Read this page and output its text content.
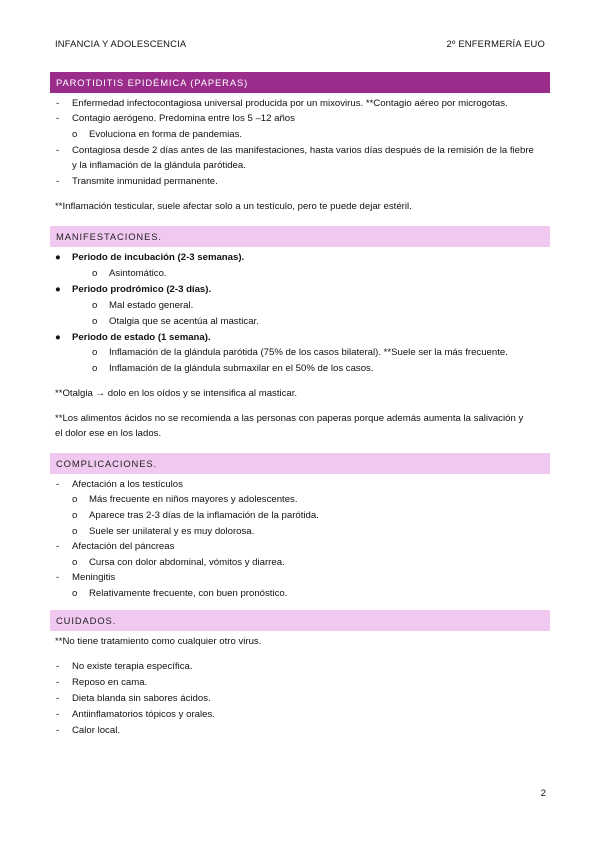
INFANCIA Y ADOLESCENCIA	2º ENFERMERÍA EUO
PAROTIDITIS EPIDÉMICA (PAPERAS)
- Enfermedad infectocontagiosa universal producida por un mixovirus. **Contagio aéreo por microgotas.
- Contagio aerógeno. Predomina entre los 5 –12 años
o Evoluciona en forma de pandemias.
- Contagiosa desde 2 días antes de las manifestaciones, hasta varios días después de la remisión de la fiebre
y la inflamación de la glándula parótidea.
- Transmite inmunidad permanente.
**Inflamación testicular, suele afectar solo a un testículo, pero te puede dejar estéril.
MANIFESTACIONES.
● Periodo de incubación (2-3 semanas).
o Asintomático.
● Periodo prodrómico (2-3 días).
o Mal estado general.
o Otalgia que se acentúa al masticar.
● Periodo de estado (1 semana).
o Inflamación de la glándula parótida (75% de los casos bilateral). **Suele ser la más frecuente.
o Inflamación de la glándula submaxilar en el 50% de los casos.
**Otalgia → dolo en los oídos y se intensifica al masticar.
**Los alimentos ácidos no se recomienda a las personas con paperas porque además aumenta la salivación y
el dolor ese en los lados.
COMPLICACIONES.
- Afectación a los testículos
o Más frecuente en niños mayores y adolescentes.
o Aparece tras 2-3 días de la inflamación de la parótida.
o Suele ser unilateral y es muy dolorosa.
- Afectación del páncreas
o Cursa con dolor abdominal, vómitos y diarrea.
- Meningitis
o Relativamente frecuente, con buen pronóstico.
CUIDADOS.
**No tiene tratamiento como cualquier otro virus.
- No existe terapia específica.
- Reposo en cama.
- Dieta blanda sin sabores ácidos.
- Antiinflamatorios tópicos y orales.
- Calor local.
2
